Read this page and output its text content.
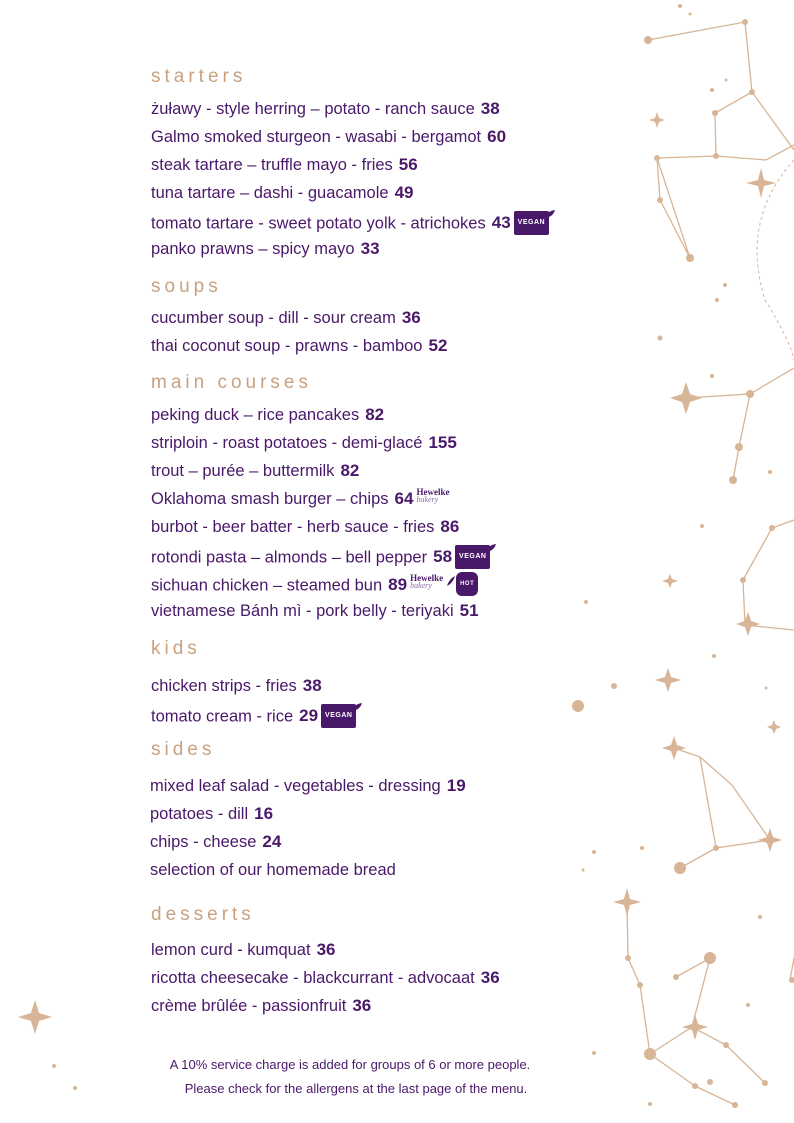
starters
żuławy - style herring – potato - ranch sauce 38
Galmo smoked sturgeon - wasabi - bergamot 60
steak tartare – truffle mayo - fries 56
tuna tartare – dashi - guacamole 49
tomato tartare - sweet potato yolk - atrichokes 43 VEGAN
panko prawns – spicy mayo 33
soups
cucumber soup - dill - sour cream 36
thai coconut soup - prawns - bamboo 52
main courses
peking duck – rice pancakes 82
striploin - roast potatoes - demi-glacé 155
trout – purée – buttermilk 82
Oklahoma smash burger – chips 64 Hewelke
bakery
burbot - beer batter - herb sauce - fries 86
rotondi pasta – almonds – bell pepper 58 VEGAN
sichuan chicken – steamed bun 89 Hewelke
bakery	HOT
vietnamese Bánh mì - pork belly - teriyaki 51
kids
chicken strips - fries 38
tomato cream - rice 29 VEGAN
sides
mixed leaf salad - vegetables - dressing 19
potatoes - dill 16
chips - cheese 24
selection of our homemade bread
desserts
lemon curd - kumquat 36
ricotta cheesecake - blackcurrant - advocaat 36
crème brûlée - passionfruit 36
A 10% service charge is added for groups of 6 or more people.
Please check for the allergens at the last page of the menu.
